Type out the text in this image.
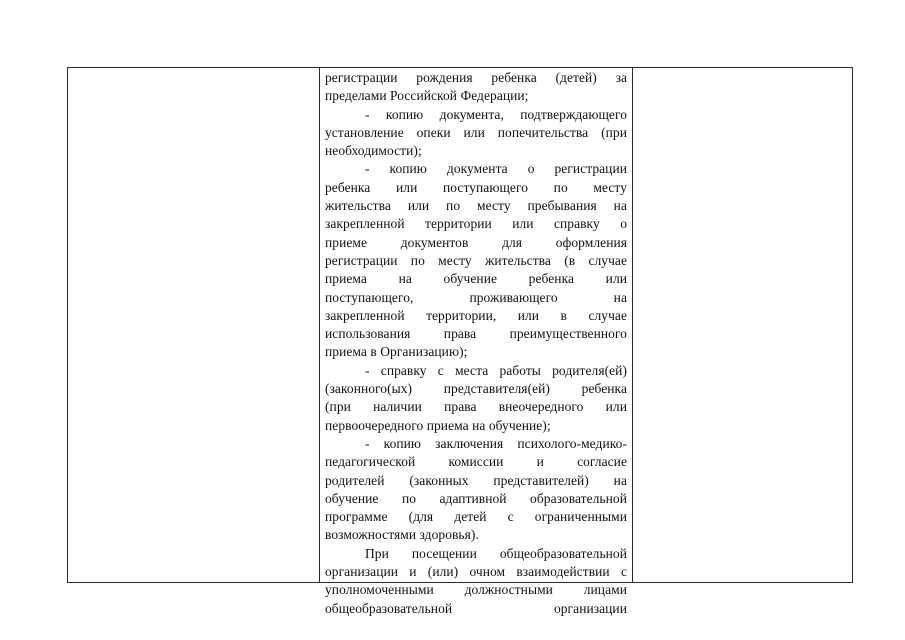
регистрации рождения ребенка (детей) за

пределами Российской Федерации;

- копию документа, подтверждающего

установление опеки или попечительства (при

необходимости);

- копию документа о регистрации

ребенка или поступающего по месту

жительства или по месту пребывания на

закрепленной территории или справку о

приеме документов для оформления

регистрации по месту жительства (в случае

приема на обучение ребенка или

поступающего, проживающего на

закрепленной территории, или в случае

использования права преимущественного

приема в Организацию);

- справку с места работы родителя(ей)

(законного(ых) представителя(ей) ребенка

(при наличии права внеочередного или

первоочередного приема на обучение);

- копию заключения психолого-медико-

педагогической комиссии и согласие

родителей (законных представителей) на

обучение по адаптивной образовательной

программе (для детей с ограниченными

возможностями здоровья).

При посещении общеобразовательной

организации и (или) очном взаимодействии с

уполномоченными должностными лицами

общеобразовательной организации
